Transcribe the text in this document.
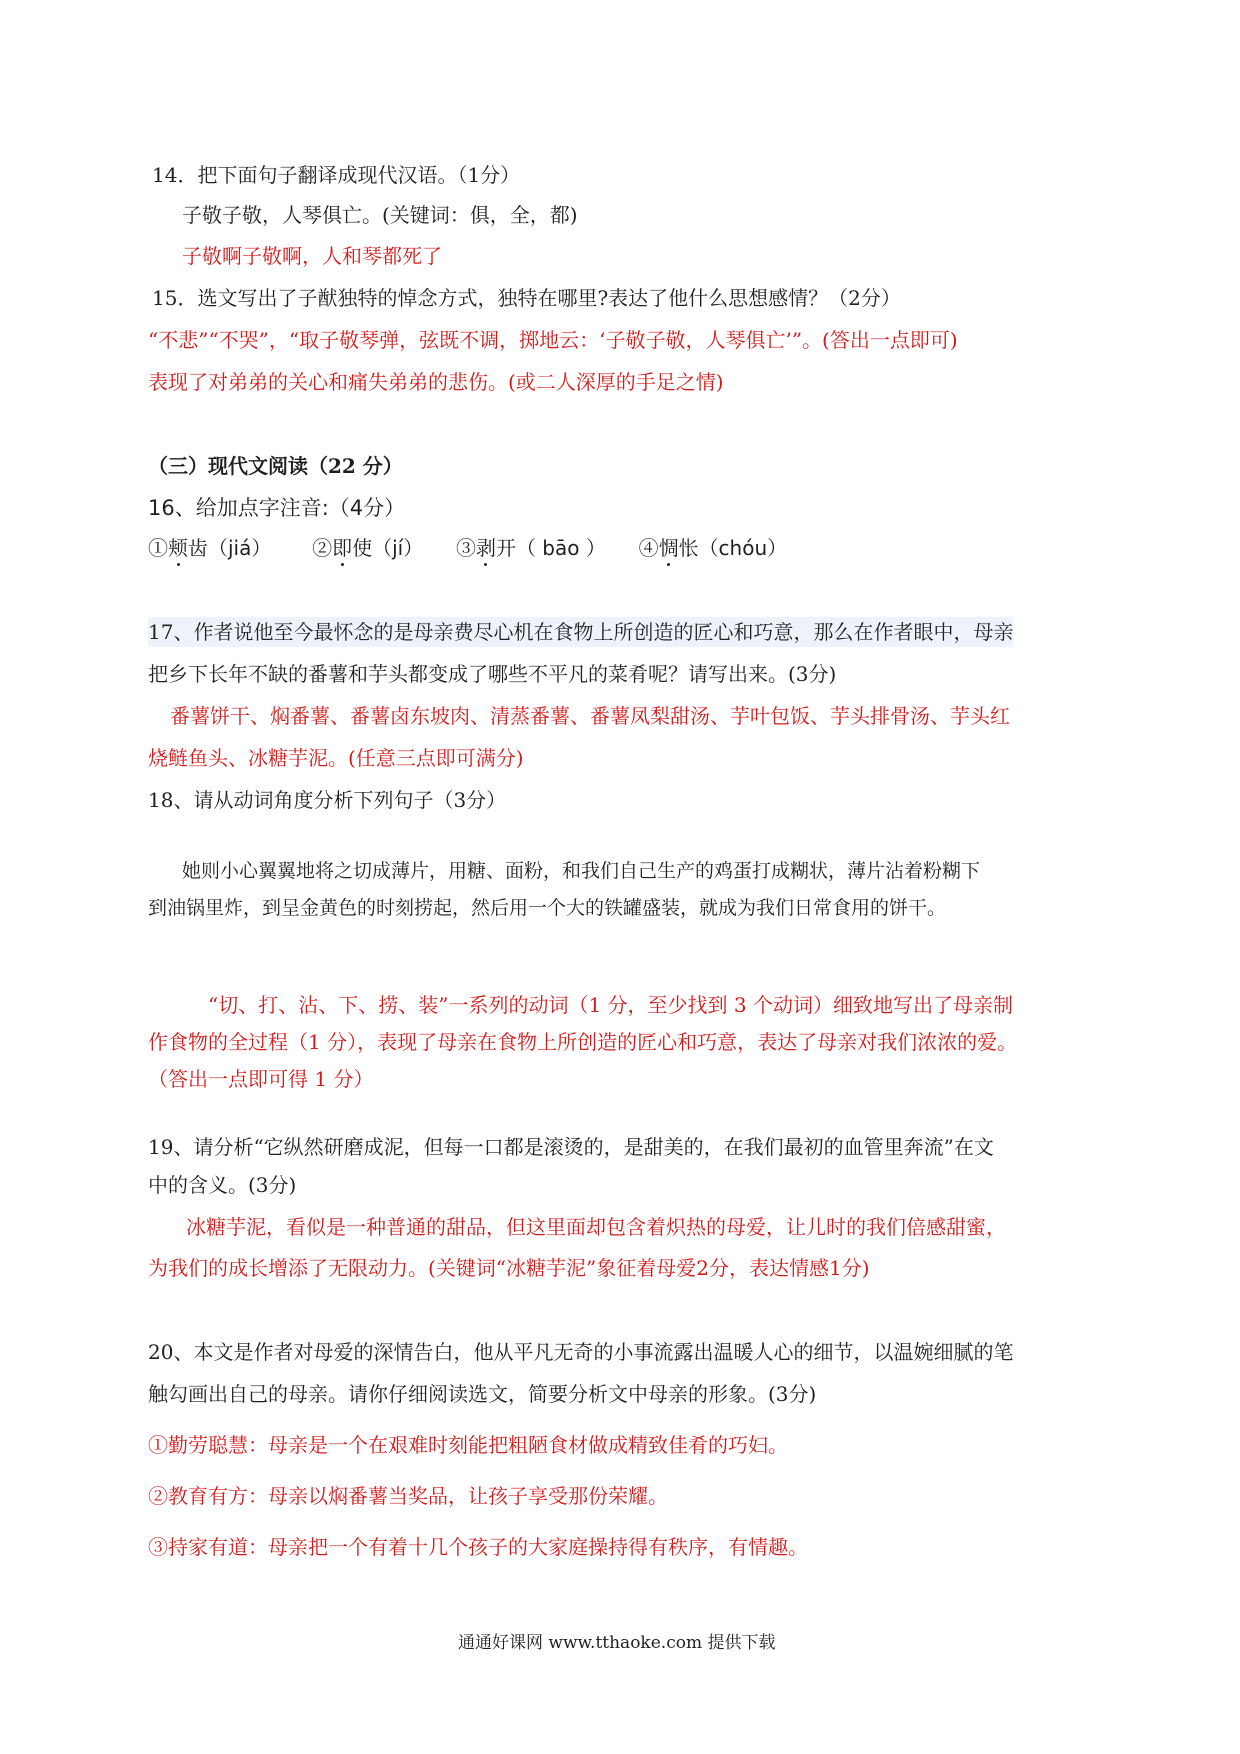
14．把下面句子翻译成现代汉语。（1分）
子敬子敬，人琴俱亡。(关键词：俱，全，都)
子敬啊子敬啊，人和琴都死了
15．选文写出了子猷独特的悼念方式，独特在哪里?表达了他什么思想感情？（2分）
“不悲”“不哭”，“取子敬琴弹，弦既不调，掷地云：‘子敬子敬，人琴俱亡’”。(答出一点即可)
表现了对弟弟的关心和痛失弟弟的悲伤。(或二人深厚的手足之情)
（三）现代文阅读（22 分）
16、给加点字注音:（4分）
①颊齿（jiá） ②即使（jí） ③剥开（ bāo ） ④惆怅（chóu）
17、作者说他至今最怀念的是母亲费尽心机在食物上所创造的匠心和巧意，那么在作者眼中，母亲
把乡下长年不缺的番薯和芋头都变成了哪些不平凡的菜肴呢？请写出来。(3分)
番薯饼干、焖番薯、番薯卤东坡肉、清蒸番薯、番薯凤梨甜汤、芋叶包饭、芋头排骨汤、芋头红
烧鲢鱼头、冰糖芋泥。(任意三点即可满分)
18、请从动词角度分析下列句子（3分）
她则小心翼翼地将之切成薄片，用糖、面粉，和我们自己生产的鸡蛋打成糊状，薄片沾着粉糊下
到油锅里炸，到呈金黄色的时刻捞起，然后用一个大的铁罐盛装，就成为我们日常食用的饼干。
“切、打、沾、下、捞、装”一系列的动词（1 分，至少找到 3 个动词）细致地写出了母亲制
作食物的全过程（1 分），表现了母亲在食物上所创造的匠心和巧意，表达了母亲对我们浓浓的爱。
（答出一点即可得 1 分）
19、请分析“它纵然研磨成泥，但每一口都是滚烫的，是甜美的，在我们最初的血管里奔流”在文
中的含义。(3分)
冰糖芋泥，看似是一种普通的甜品，但这里面却包含着炽热的母爱，让儿时的我们倍感甜蜜，
为我们的成长增添了无限动力。(关键词“冰糖芋泥”象征着母爱2分，表达情感1分)
20、本文是作者对母爱的深情告白，他从平凡无奇的小事流露出温暖人心的细节，以温婉细腻的笔
触勾画出自己的母亲。请你仔细阅读选文，简要分析文中母亲的形象。(3分)
①勤劳聪慧：母亲是一个在艰难时刻能把粗陋食材做成精致佳肴的巧妇。
②教育有方：母亲以焖番薯当奖品，让孩子享受那份荣耀。
③持家有道：母亲把一个有着十几个孩子的大家庭操持得有秩序，有情趣。
通通好课网 www.tthaoke.com 提供下载
